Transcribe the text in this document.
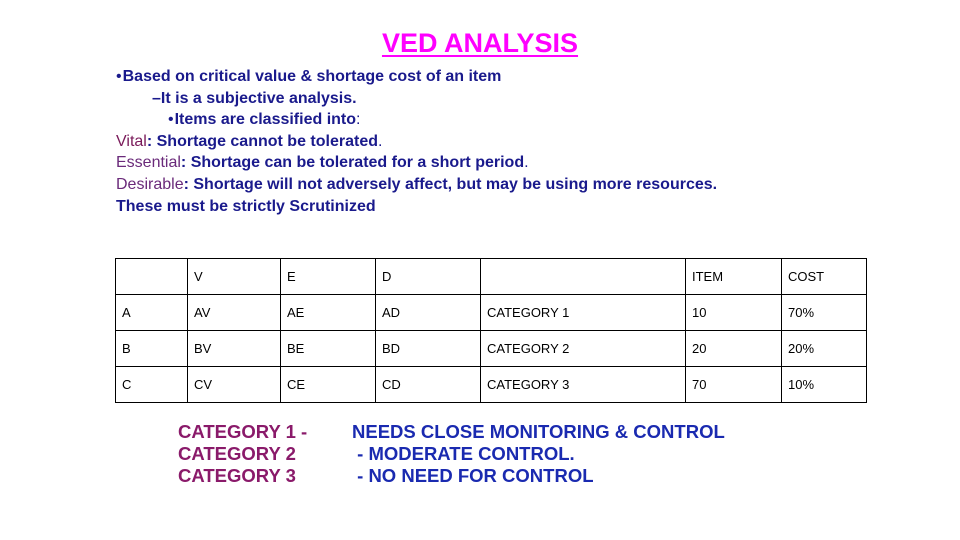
VED ANALYSIS
•Based on critical value & shortage cost of an item
–It is a subjective analysis.
•Items are classified into:
Vital: Shortage cannot be tolerated.
Essential: Shortage can be tolerated for a short period.
Desirable: Shortage will not adversely affect, but may be using more resources.
These must be strictly Scrutinized
	V	E	D		ITEM	COST
A	AV	AE	AD	CATEGORY 1	10	70%
B	BV	BE	BD	CATEGORY 2	20	20%
C	CV	CE	CD	CATEGORY 3	70	10%
CATEGORY 1 - NEEDS CLOSE MONITORING & CONTROL
CATEGORY 2	- MODERATE CONTROL.
CATEGORY 3	- NO NEED FOR CONTROL
